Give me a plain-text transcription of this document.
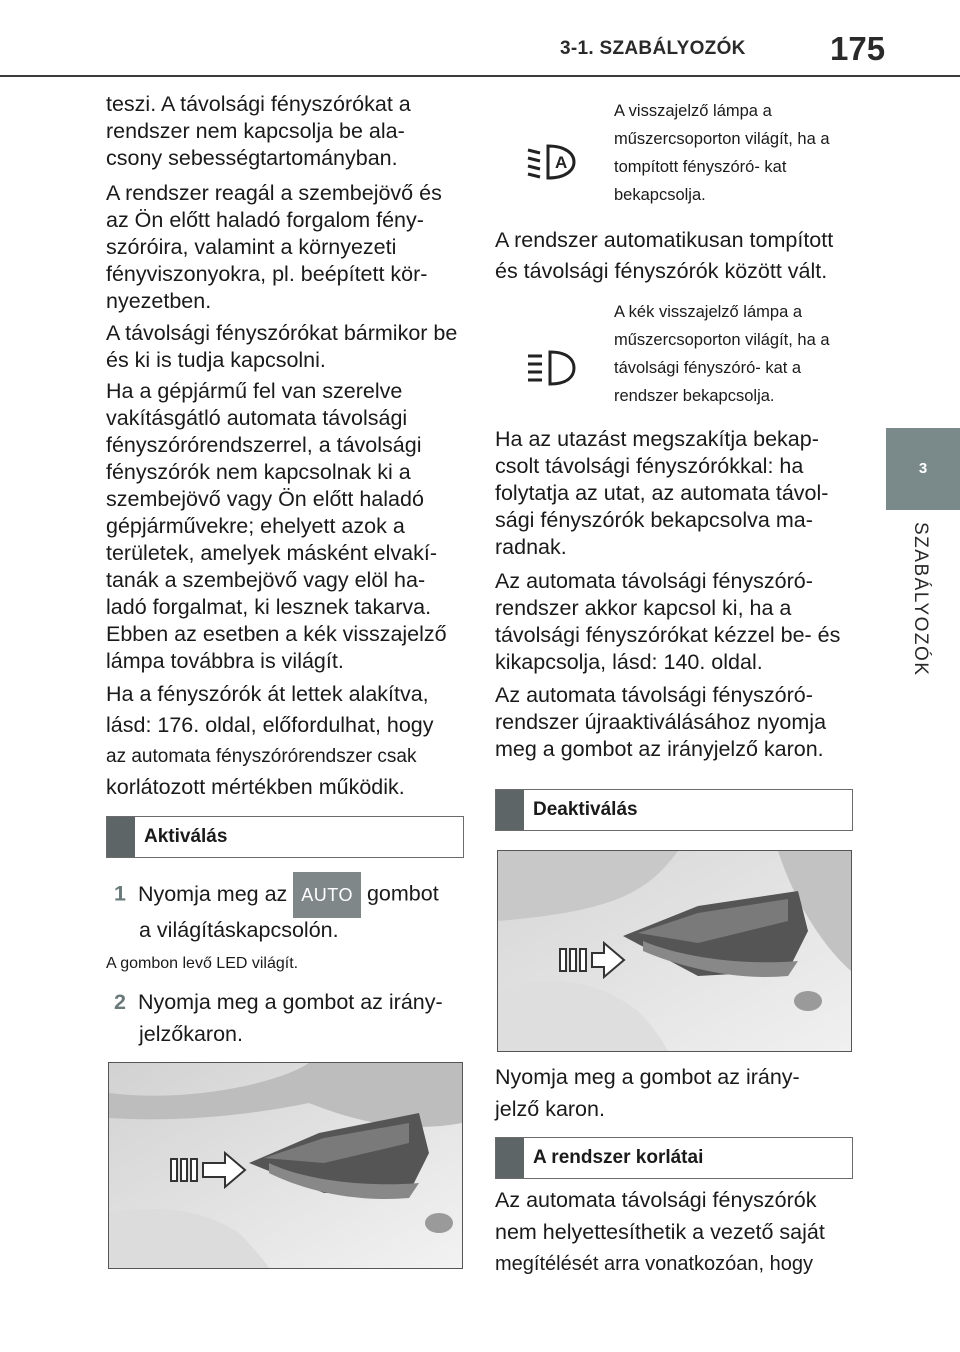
3-1. SZABÁLYOZÓK	175
3
SZABÁLYOZÓK

teszi. A távolsági fényszórókat a rendszer nem kapcsolja be ala- csony sebességtartományban.

A rendszer reagál a szembejövő és az Ön előtt haladó forgalom fény- szóróira, valamint a környezeti fényviszonyokra, pl. beépített kör- nyezetben.

A távolsági fényszórókat bármikor be és ki is tudja kapcsolni.

Ha a gépjármű fel van szerelve vakításgátló automata távolsági fényszórórendszerrel, a távolsági fényszórók nem kapcsolnak ki a szembejövő vagy Ön előtt haladó gépjárművekre; ehelyett azok a területek, amelyek másként elvakí- tanák a szembejövő vagy elöl ha- ladó forgalmat, ki lesznek takarva. Ebben az esetben a kék visszajelző lámpa továbbra is világít.

Ha a fényszórók át lettek alakítva,
lásd: 176. oldal, előfordulhat, hogy
az automata fényszórórendszer csak
korlátozott mértékben működik.
Aktiválás
1 Nyomja meg az AUTO gombot
a világításkapcsolón.
A gombon levő LED világít.
2 Nyomja meg a gombot az irány-
jelzőkaron.
A

A visszajelző lámpa a műszercsoporton világít, ha a tompított fényszóró- kat bekapcsolja.

A rendszer automatikusan tompított
és távolsági fényszórók között vált.

A kék visszajelző lámpa a műszercsoporton világít, ha a távolsági fényszóró- kat a rendszer bekapcsolja.

Ha az utazást megszakítja bekap- csolt távolsági fényszórókkal: ha folytatja az utat, az automata távol- sági fényszórók bekapcsolva ma- radnak.

Az automata távolsági fényszóró- rendszer akkor kapcsol ki, ha a távolsági fényszórókat kézzel be- és kikapcsolja, lásd: 140. oldal.

Az automata távolsági fényszóró- rendszer újraaktiválásához nyomja meg a gombot az irányjelző karon.

Deaktiválás
Nyomja meg a gombot az irány-
jelző karon.
A rendszer korlátai
Az automata távolsági fényszórók
nem helyettesíthetik a vezető saját
megítélését arra vonatkozóan, hogy
